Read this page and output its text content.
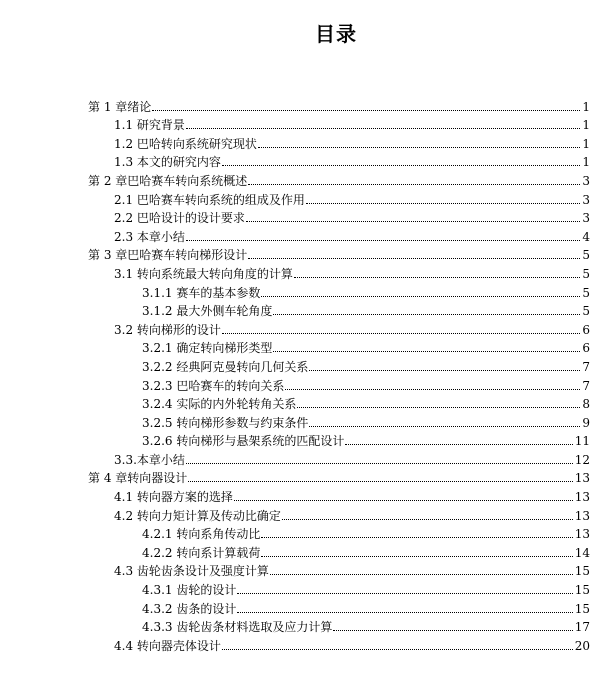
目录
第 1 章绪论	1
1.1 研究背景	1
1.2 巴哈转向系统研究现状	1
1.3 本文的研究内容	1
第 2 章巴哈赛车转向系统概述	3
2.1 巴哈赛车转向系统的组成及作用	3
2.2 巴哈设计的设计要求	3
2.3 本章小结	4
第 3 章巴哈赛车转向梯形设计	5
3.1 转向系统最大转向角度的计算	5
3.1.1 赛车的基本参数	5
3.1.2 最大外侧车轮角度	5
3.2 转向梯形的设计	6
3.2.1 确定转向梯形类型	6
3.2.2 经典阿克曼转向几何关系	7
3.2.3 巴哈赛车的转向关系	7
3.2.4 实际的内外轮转角关系	8
3.2.5 转向梯形参数与约束条件	9
3.2.6 转向梯形与悬架系统的匹配设计	11
3.3.本章小结	12
第 4 章转向器设计	13
4.1 转向器方案的选择	13
4.2 转向力矩计算及传动比确定	13
4.2.1 转向系角传动比	13
4.2.2 转向系计算载荷	14
4.3 齿轮齿条设计及强度计算	15
4.3.1 齿轮的设计	15
4.3.2 齿条的设计	15
4.3.3 齿轮齿条材料选取及应力计算	17
4.4 转向器壳体设计	20
